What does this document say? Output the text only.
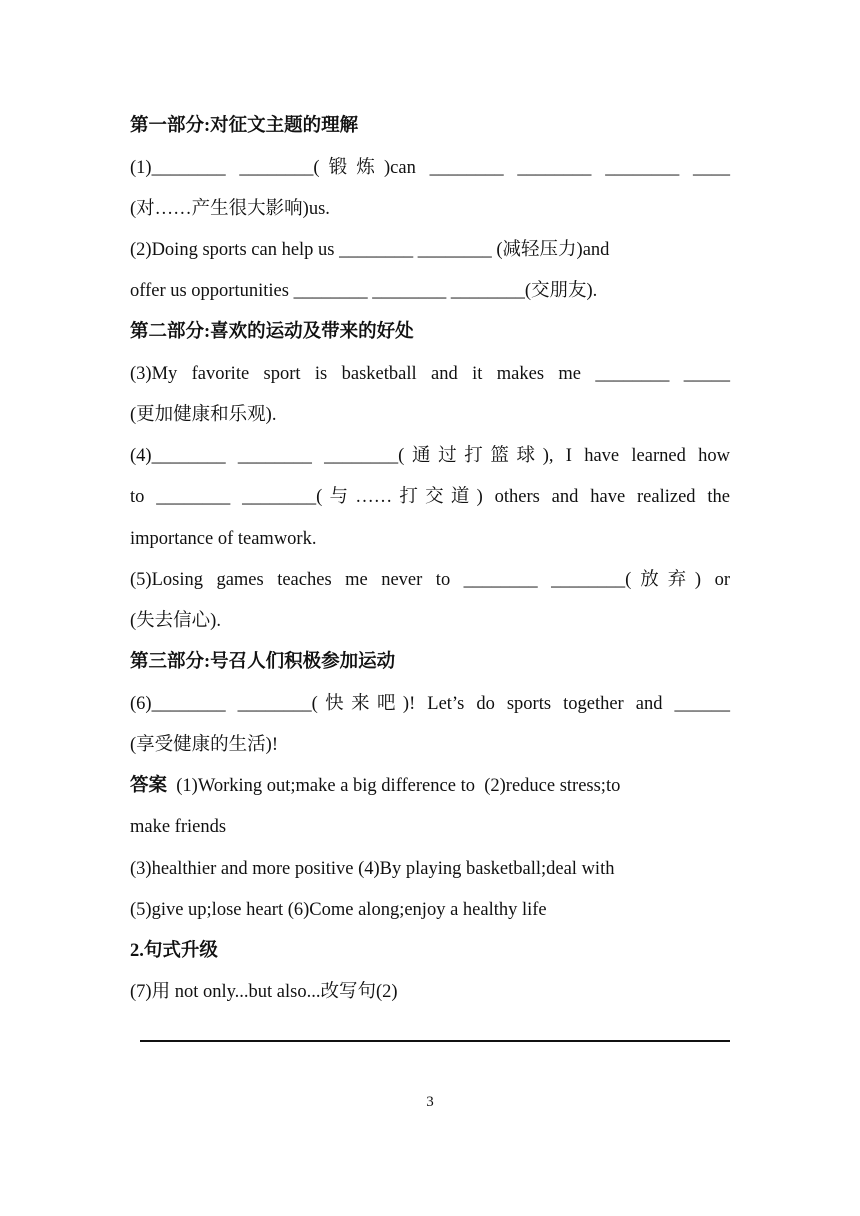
第一部分:对征文主题的理解
(1)________ ________(锻炼)can ________ ________ ________ ____
(对……产生很大影响)us.
(2)Doing sports can help us ________ ________ (减轻压力)and
offer us opportunities ________ ________ ________(交朋友).
第二部分:喜欢的运动及带来的好处
(3)My favorite sport is basketball and it makes me ________ _____
(更加健康和乐观).
(4)________ ________ ________(通过打篮球), I have learned how
to ________ ________(与……打交道) others and have realized the
importance of teamwork.
(5)Losing games teaches me never to ________ ________(放弃) or
(失去信心).
第三部分:号召人们积极参加运动
(6)________ ________(快来吧)! Let’s do sports together and ______
(享受健康的生活)!
答案  (1)Working out;make a big difference to  (2)reduce stress;to
make friends
(3)healthier and more positive (4)By playing basketball;deal with
(5)give up;lose heart (6)Come along;enjoy a healthy life
2.句式升级
(7)用 not only...but also...改写句(2)
3
